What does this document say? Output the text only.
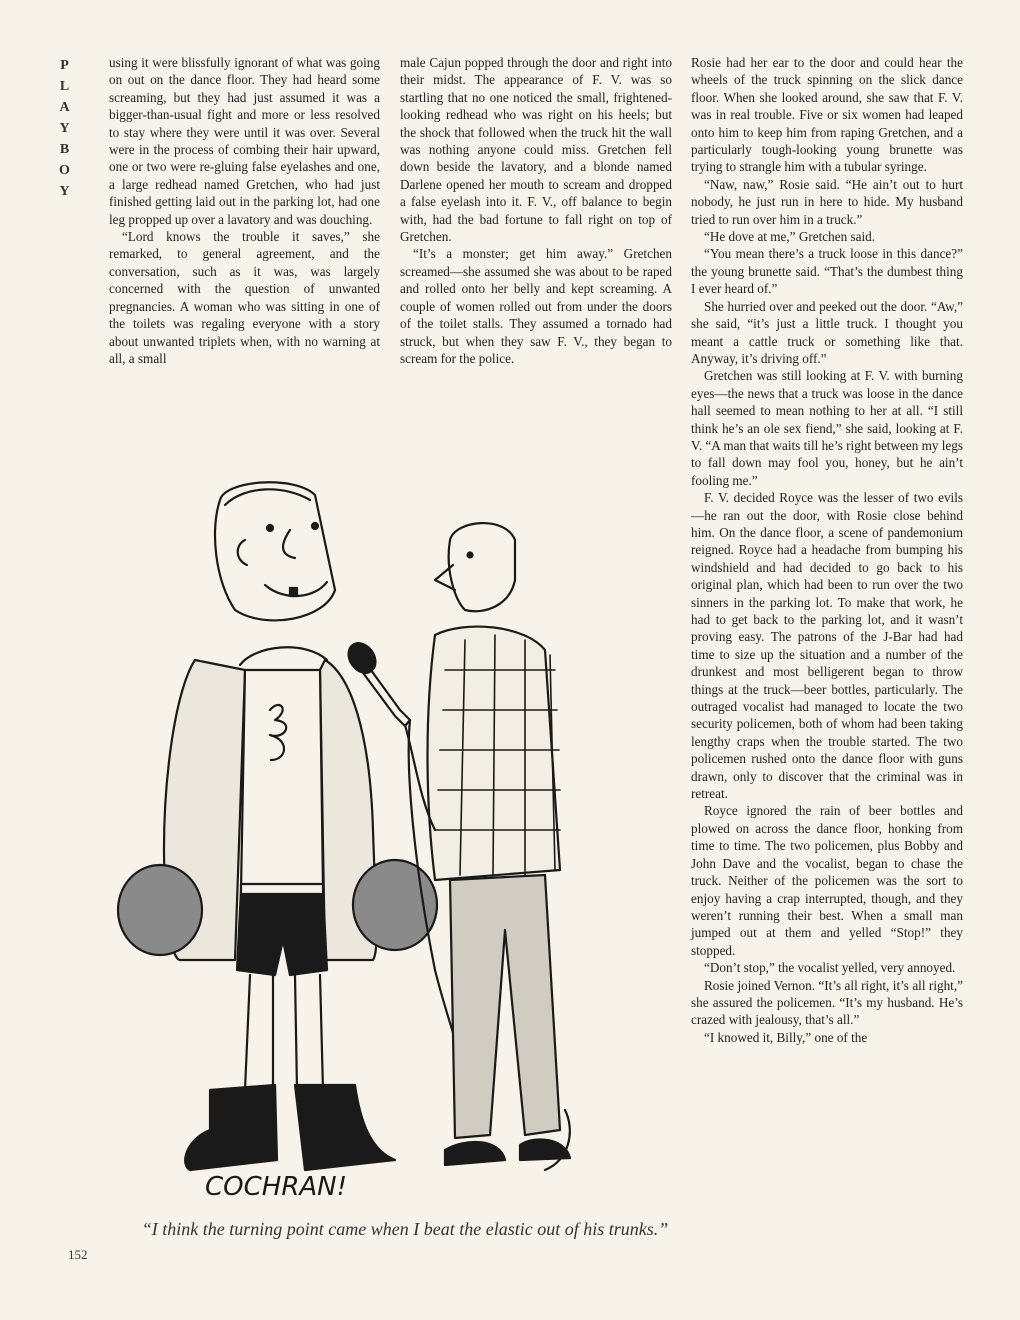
PLAYBOY	using it were blissfully ignorant of what was going on out on the dance floor. They had heard some screaming, but they had just assumed it was a bigger-than-usual fight and more or less resolved to stay where they were until it was over. Several were in the process of combing their hair upward, one or two were re-gluing false eyelashes and one, a large redhead named Gretchen, who had just finished getting laid out in the parking lot, had one leg propped up over a lavatory and was douching.

“Lord knows the trouble it saves,” she remarked, to general agreement, and the conversation, such as it was, was largely concerned with the question of unwanted pregnancies. A woman who was sitting in one of the toilets was regaling everyone with a story about unwanted triplets when, with no warning at all, a small

male Cajun popped through the door and right into their midst. The appearance of F. V. was so startling that no one noticed the small, frightened-looking redhead who was right on his heels; but the shock that followed when the truck hit the wall was nothing anyone could miss. Gretchen fell down beside the lavatory, and a blonde named Darlene opened her mouth to scream and dropped a false eyelash into it. F. V., off balance to begin with, had the bad fortune to fall right on top of Gretchen.

“It’s a monster; get him away.” Gretchen screamed—she assumed she was about to be raped and rolled onto her belly and kept screaming. A couple of women rolled out from under the doors of the toilet stalls. They assumed a tornado had struck, but when they saw F. V., they began to scream for the police.

Rosie had her ear to the door and could hear the wheels of the truck spinning on the slick dance floor. When she looked around, she saw that F. V. was in real trouble. Five or six women had leaped onto him to keep him from raping Gretchen, and a particularly tough-looking young brunette was trying to strangle him with a tubular syringe.

“Naw, naw,” Rosie said. “He ain’t out to hurt nobody, he just run in here to hide. My husband tried to run over him in a truck.”

“He dove at me,” Gretchen said.

“You mean there’s a truck loose in this dance?” the young brunette said. “That’s the dumbest thing I ever heard of.”

She hurried over and peeked out the door. “Aw,” she said, “it’s just a little truck. I thought you meant a cattle truck or something like that. Anyway, it’s driving off.”

Gretchen was still looking at F. V. with burning eyes—the news that a truck was loose in the dance hall seemed to mean nothing to her at all. “I still think he’s an ole sex fiend,” she said, looking at F. V. “A man that waits till he’s right between my legs to fall down may fool you, honey, but he ain’t fooling me.”

F. V. decided Royce was the lesser of two evils—he ran out the door, with Rosie close behind him. On the dance floor, a scene of pandemonium reigned. Royce had a headache from bumping his windshield and had decided to go back to his original plan, which had been to run over the two sinners in the parking lot. To make that work, he had to get back to the parking lot, and it wasn’t proving easy. The patrons of the J-Bar had had time to size up the situation and a number of the drunkest and most belligerent began to throw things at the truck—beer bottles, particularly. The outraged vocalist had managed to locate the two security policemen, both of whom had been taking lengthy craps when the trouble started. The two policemen rushed onto the dance floor with guns drawn, only to discover that the criminal was in retreat.

Royce ignored the rain of beer bottles and plowed on across the dance floor, honking from time to time. The two policemen, plus Bobby and John Dave and the vocalist, began to chase the truck. Neither of the policemen was the sort to enjoy having a crap interrupted, though, and they weren’t running their best. When a small man jumped out at them and yelled “Stop!” they stopped.

“Don’t stop,” the vocalist yelled, very annoyed.

Rosie joined Vernon. “It’s all right, it’s all right,” she assured the policemen. “It’s my husband. He’s crazed with jealousy, that’s all.”

“I knowed it, Billy,” one of the

COCHRAN!
“I think the turning point came when I beat the elastic out of his trunks.”
152
